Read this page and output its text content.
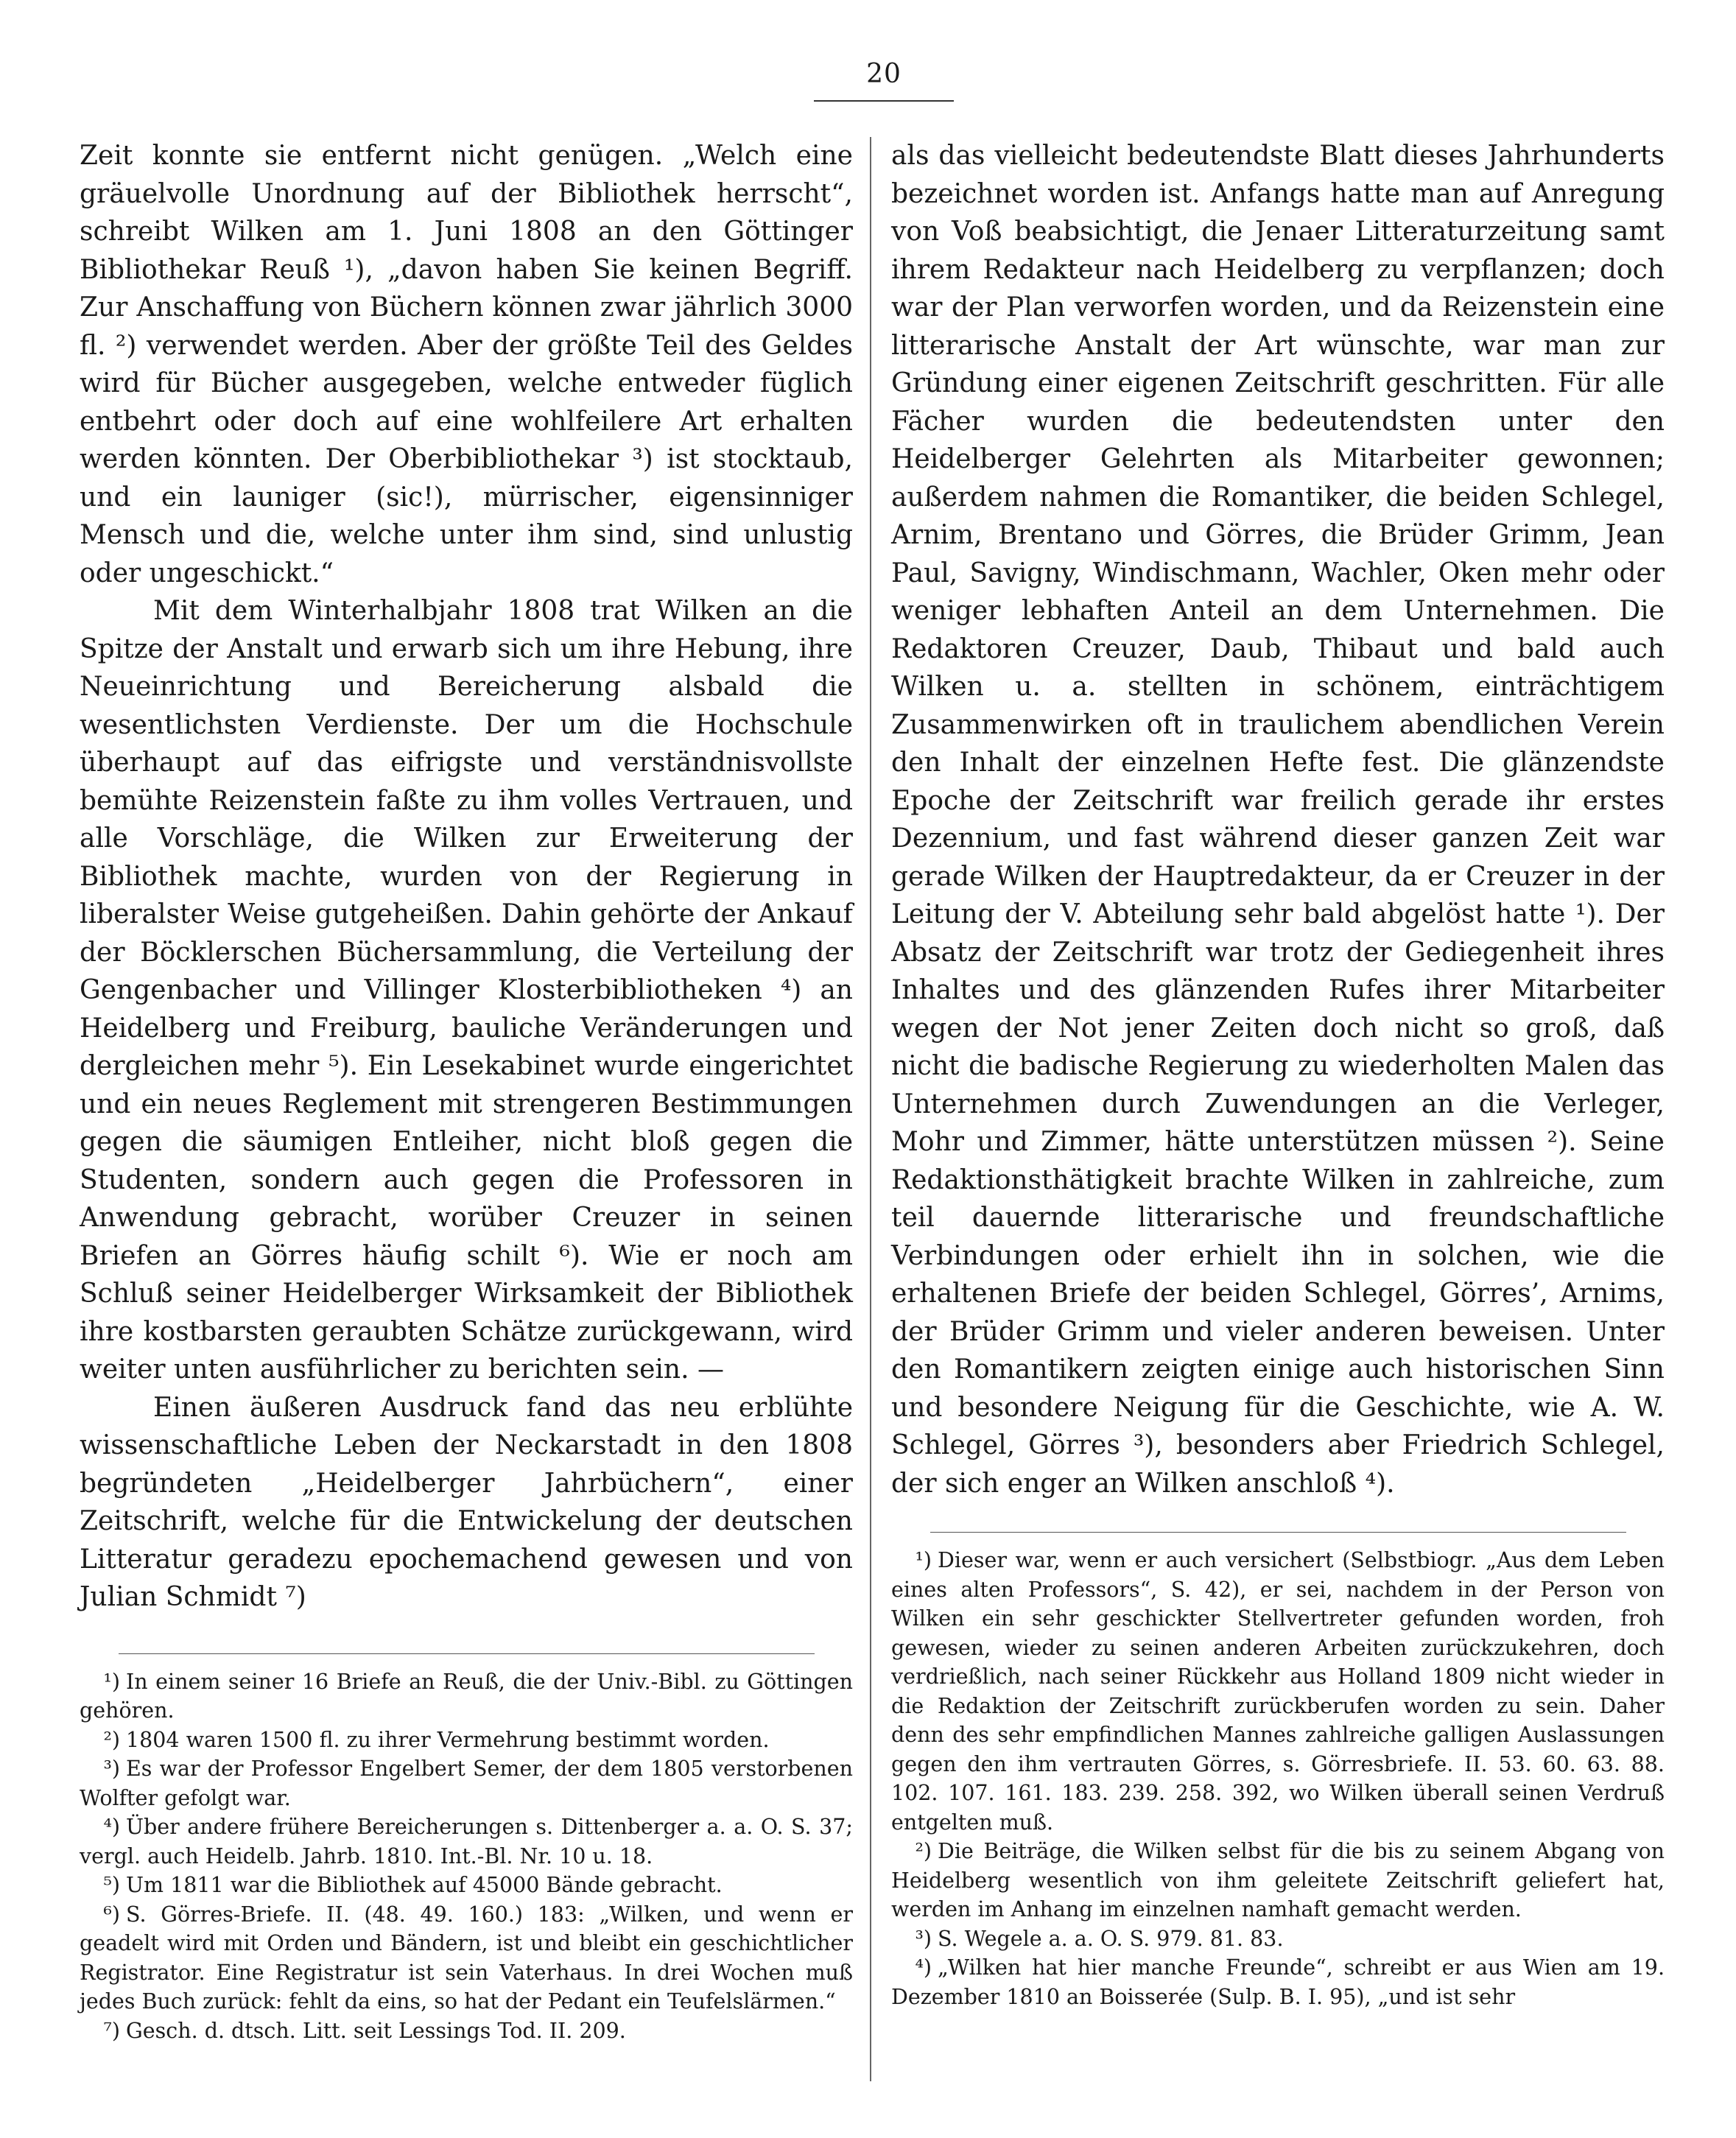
20

Zeit konnte sie entfernt nicht genügen. „Welch eine gräuelvolle Unordnung auf der Bibliothek herrscht“, schreibt Wilken am 1. Juni 1808 an den Göttinger Bibliothekar Reuß ¹), „davon haben Sie keinen Begriff. Zur Anschaffung von Büchern können zwar jährlich 3000 fl. ²) verwendet werden. Aber der größte Teil des Geldes wird für Bücher ausgegeben, welche entweder füglich entbehrt oder doch auf eine wohlfeilere Art erhalten werden könnten. Der Oberbibliothekar ³) ist stocktaub, und ein launiger (sic!), mürrischer, eigensinniger Mensch und die, welche unter ihm sind, sind unlustig oder ungeschickt.“

Mit dem Winterhalbjahr 1808 trat Wilken an die Spitze der Anstalt und erwarb sich um ihre Hebung, ihre Neueinrichtung und Bereicherung alsbald die wesentlichsten Verdienste. Der um die Hochschule überhaupt auf das eifrigste und verständnisvollste bemühte Reizenstein faßte zu ihm volles Vertrauen, und alle Vorschläge, die Wilken zur Erweiterung der Bibliothek machte, wurden von der Regierung in liberalster Weise gutgeheißen. Dahin gehörte der Ankauf der Böcklerschen Büchersammlung, die Verteilung der Gengenbacher und Villinger Klosterbibliotheken ⁴) an Heidelberg und Freiburg, bauliche Veränderungen und dergleichen mehr ⁵). Ein Lesekabinet wurde eingerichtet und ein neues Reglement mit strengeren Bestimmungen gegen die säumigen Entleiher, nicht bloß gegen die Studenten, sondern auch gegen die Professoren in Anwendung gebracht, worüber Creuzer in seinen Briefen an Görres häufig schilt ⁶). Wie er noch am Schluß seiner Heidelberger Wirksamkeit der Bibliothek ihre kostbarsten geraubten Schätze zurückgewann, wird weiter unten ausführlicher zu berichten sein. —

Einen äußeren Ausdruck fand das neu erblühte wissenschaftliche Leben der Neckarstadt in den 1808 begründeten „Heidelberger Jahrbüchern“, einer Zeitschrift, welche für die Entwickelung der deutschen Litteratur geradezu epochemachend gewesen und von Julian Schmidt ⁷)

¹) In einem seiner 16 Briefe an Reuß, die der Univ.-Bibl. zu Göttingen gehören.

²) 1804 waren 1500 fl. zu ihrer Vermehrung bestimmt worden.

³) Es war der Professor Engelbert Semer, der dem 1805 verstorbenen Wolfter gefolgt war.

⁴) Über andere frühere Bereicherungen s. Dittenberger a. a. O. S. 37; vergl. auch Heidelb. Jahrb. 1810. Int.-Bl. Nr. 10 u. 18.

⁵) Um 1811 war die Bibliothek auf 45000 Bände gebracht.

⁶) S. Görres-Briefe. II. (48. 49. 160.) 183: „Wilken, und wenn er geadelt wird mit Orden und Bändern, ist und bleibt ein geschichtlicher Registrator. Eine Registratur ist sein Vaterhaus. In drei Wochen muß jedes Buch zurück: fehlt da eins, so hat der Pedant ein Teufelslärmen.“

⁷) Gesch. d. dtsch. Litt. seit Lessings Tod. II. 209.

als das vielleicht bedeutendste Blatt dieses Jahrhunderts bezeichnet worden ist. Anfangs hatte man auf Anregung von Voß beabsichtigt, die Jenaer Litteraturzeitung samt ihrem Redakteur nach Heidelberg zu verpflanzen; doch war der Plan verworfen worden, und da Reizenstein eine litterarische Anstalt der Art wünschte, war man zur Gründung einer eigenen Zeitschrift geschritten. Für alle Fächer wurden die bedeutendsten unter den Heidelberger Gelehrten als Mitarbeiter gewonnen; außerdem nahmen die Romantiker, die beiden Schlegel, Arnim, Brentano und Görres, die Brüder Grimm, Jean Paul, Savigny, Windischmann, Wachler, Oken mehr oder weniger lebhaften Anteil an dem Unternehmen. Die Redaktoren Creuzer, Daub, Thibaut und bald auch Wilken u. a. stellten in schönem, einträchtigem Zusammenwirken oft in traulichem abendlichen Verein den Inhalt der einzelnen Hefte fest. Die glänzendste Epoche der Zeitschrift war freilich gerade ihr erstes Dezennium, und fast während dieser ganzen Zeit war gerade Wilken der Hauptredakteur, da er Creuzer in der Leitung der V. Abteilung sehr bald abgelöst hatte ¹). Der Absatz der Zeitschrift war trotz der Gediegenheit ihres Inhaltes und des glänzenden Rufes ihrer Mitarbeiter wegen der Not jener Zeiten doch nicht so groß, daß nicht die badische Regierung zu wiederholten Malen das Unternehmen durch Zuwendungen an die Verleger, Mohr und Zimmer, hätte unterstützen müssen ²). Seine Redaktionsthätigkeit brachte Wilken in zahlreiche, zum teil dauernde litterarische und freundschaftliche Verbindungen oder erhielt ihn in solchen, wie die erhaltenen Briefe der beiden Schlegel, Görres’, Arnims, der Brüder Grimm und vieler anderen beweisen. Unter den Romantikern zeigten einige auch historischen Sinn und besondere Neigung für die Geschichte, wie A. W. Schlegel, Görres ³), besonders aber Friedrich Schlegel, der sich enger an Wilken anschloß ⁴).

¹) Dieser war, wenn er auch versichert (Selbstbiogr. „Aus dem Leben eines alten Professors“, S. 42), er sei, nachdem in der Person von Wilken ein sehr geschickter Stellvertreter gefunden worden, froh gewesen, wieder zu seinen anderen Arbeiten zurückzukehren, doch verdrießlich, nach seiner Rückkehr aus Holland 1809 nicht wieder in die Redaktion der Zeitschrift zurückberufen worden zu sein. Daher denn des sehr empfindlichen Mannes zahlreiche galligen Auslassungen gegen den ihm vertrauten Görres, s. Görresbriefe. II. 53. 60. 63. 88. 102. 107. 161. 183. 239. 258. 392, wo Wilken überall seinen Verdruß entgelten muß.

²) Die Beiträge, die Wilken selbst für die bis zu seinem Abgang von Heidelberg wesentlich von ihm geleitete Zeitschrift geliefert hat, werden im Anhang im einzelnen namhaft gemacht werden.

³) S. Wegele a. a. O. S. 979. 81. 83.

⁴) „Wilken hat hier manche Freunde“, schreibt er aus Wien am 19. Dezember 1810 an Boisserée (Sulp. B. I. 95), „und ist sehr
